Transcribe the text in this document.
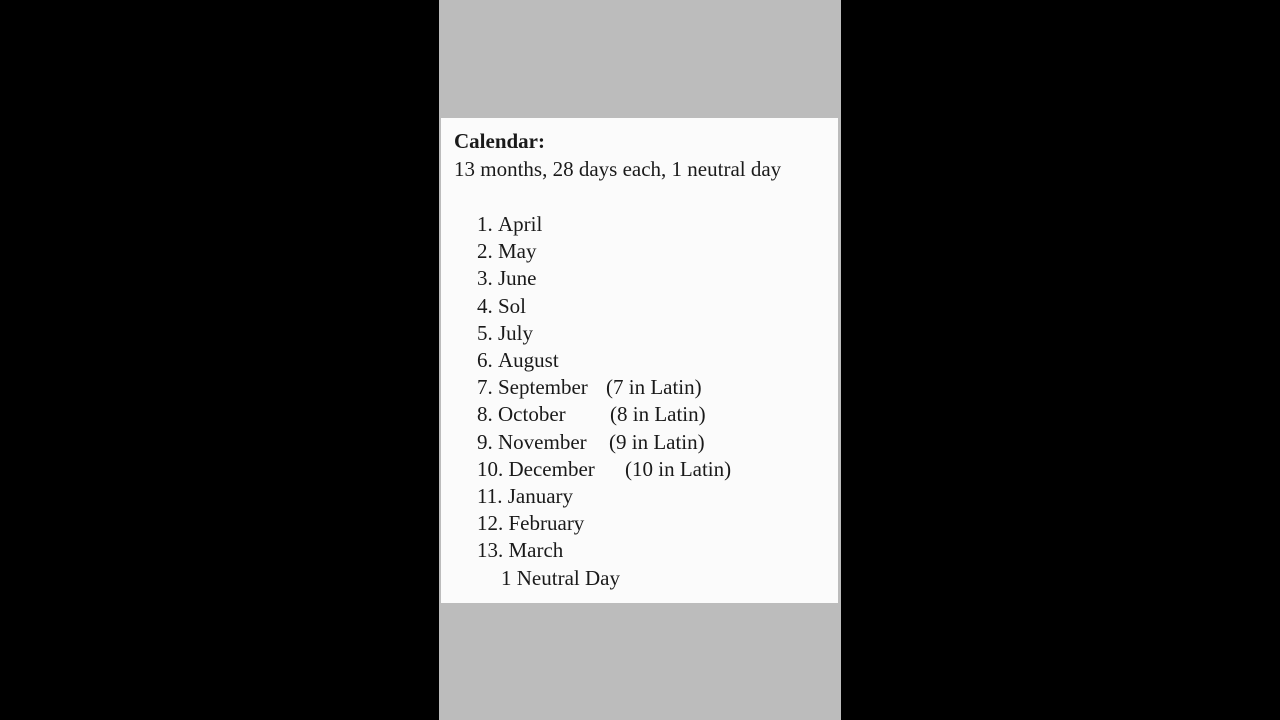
Calendar:
13 months, 28 days each, 1 neutral day
1. April
2. May
3. June
4. Sol
5. July
6. August
7. September (7 in Latin)
8. October (8 in Latin)
9. November (9 in Latin)
10. December (10 in Latin)
11. January
12. February
13. March
1 Neutral Day
